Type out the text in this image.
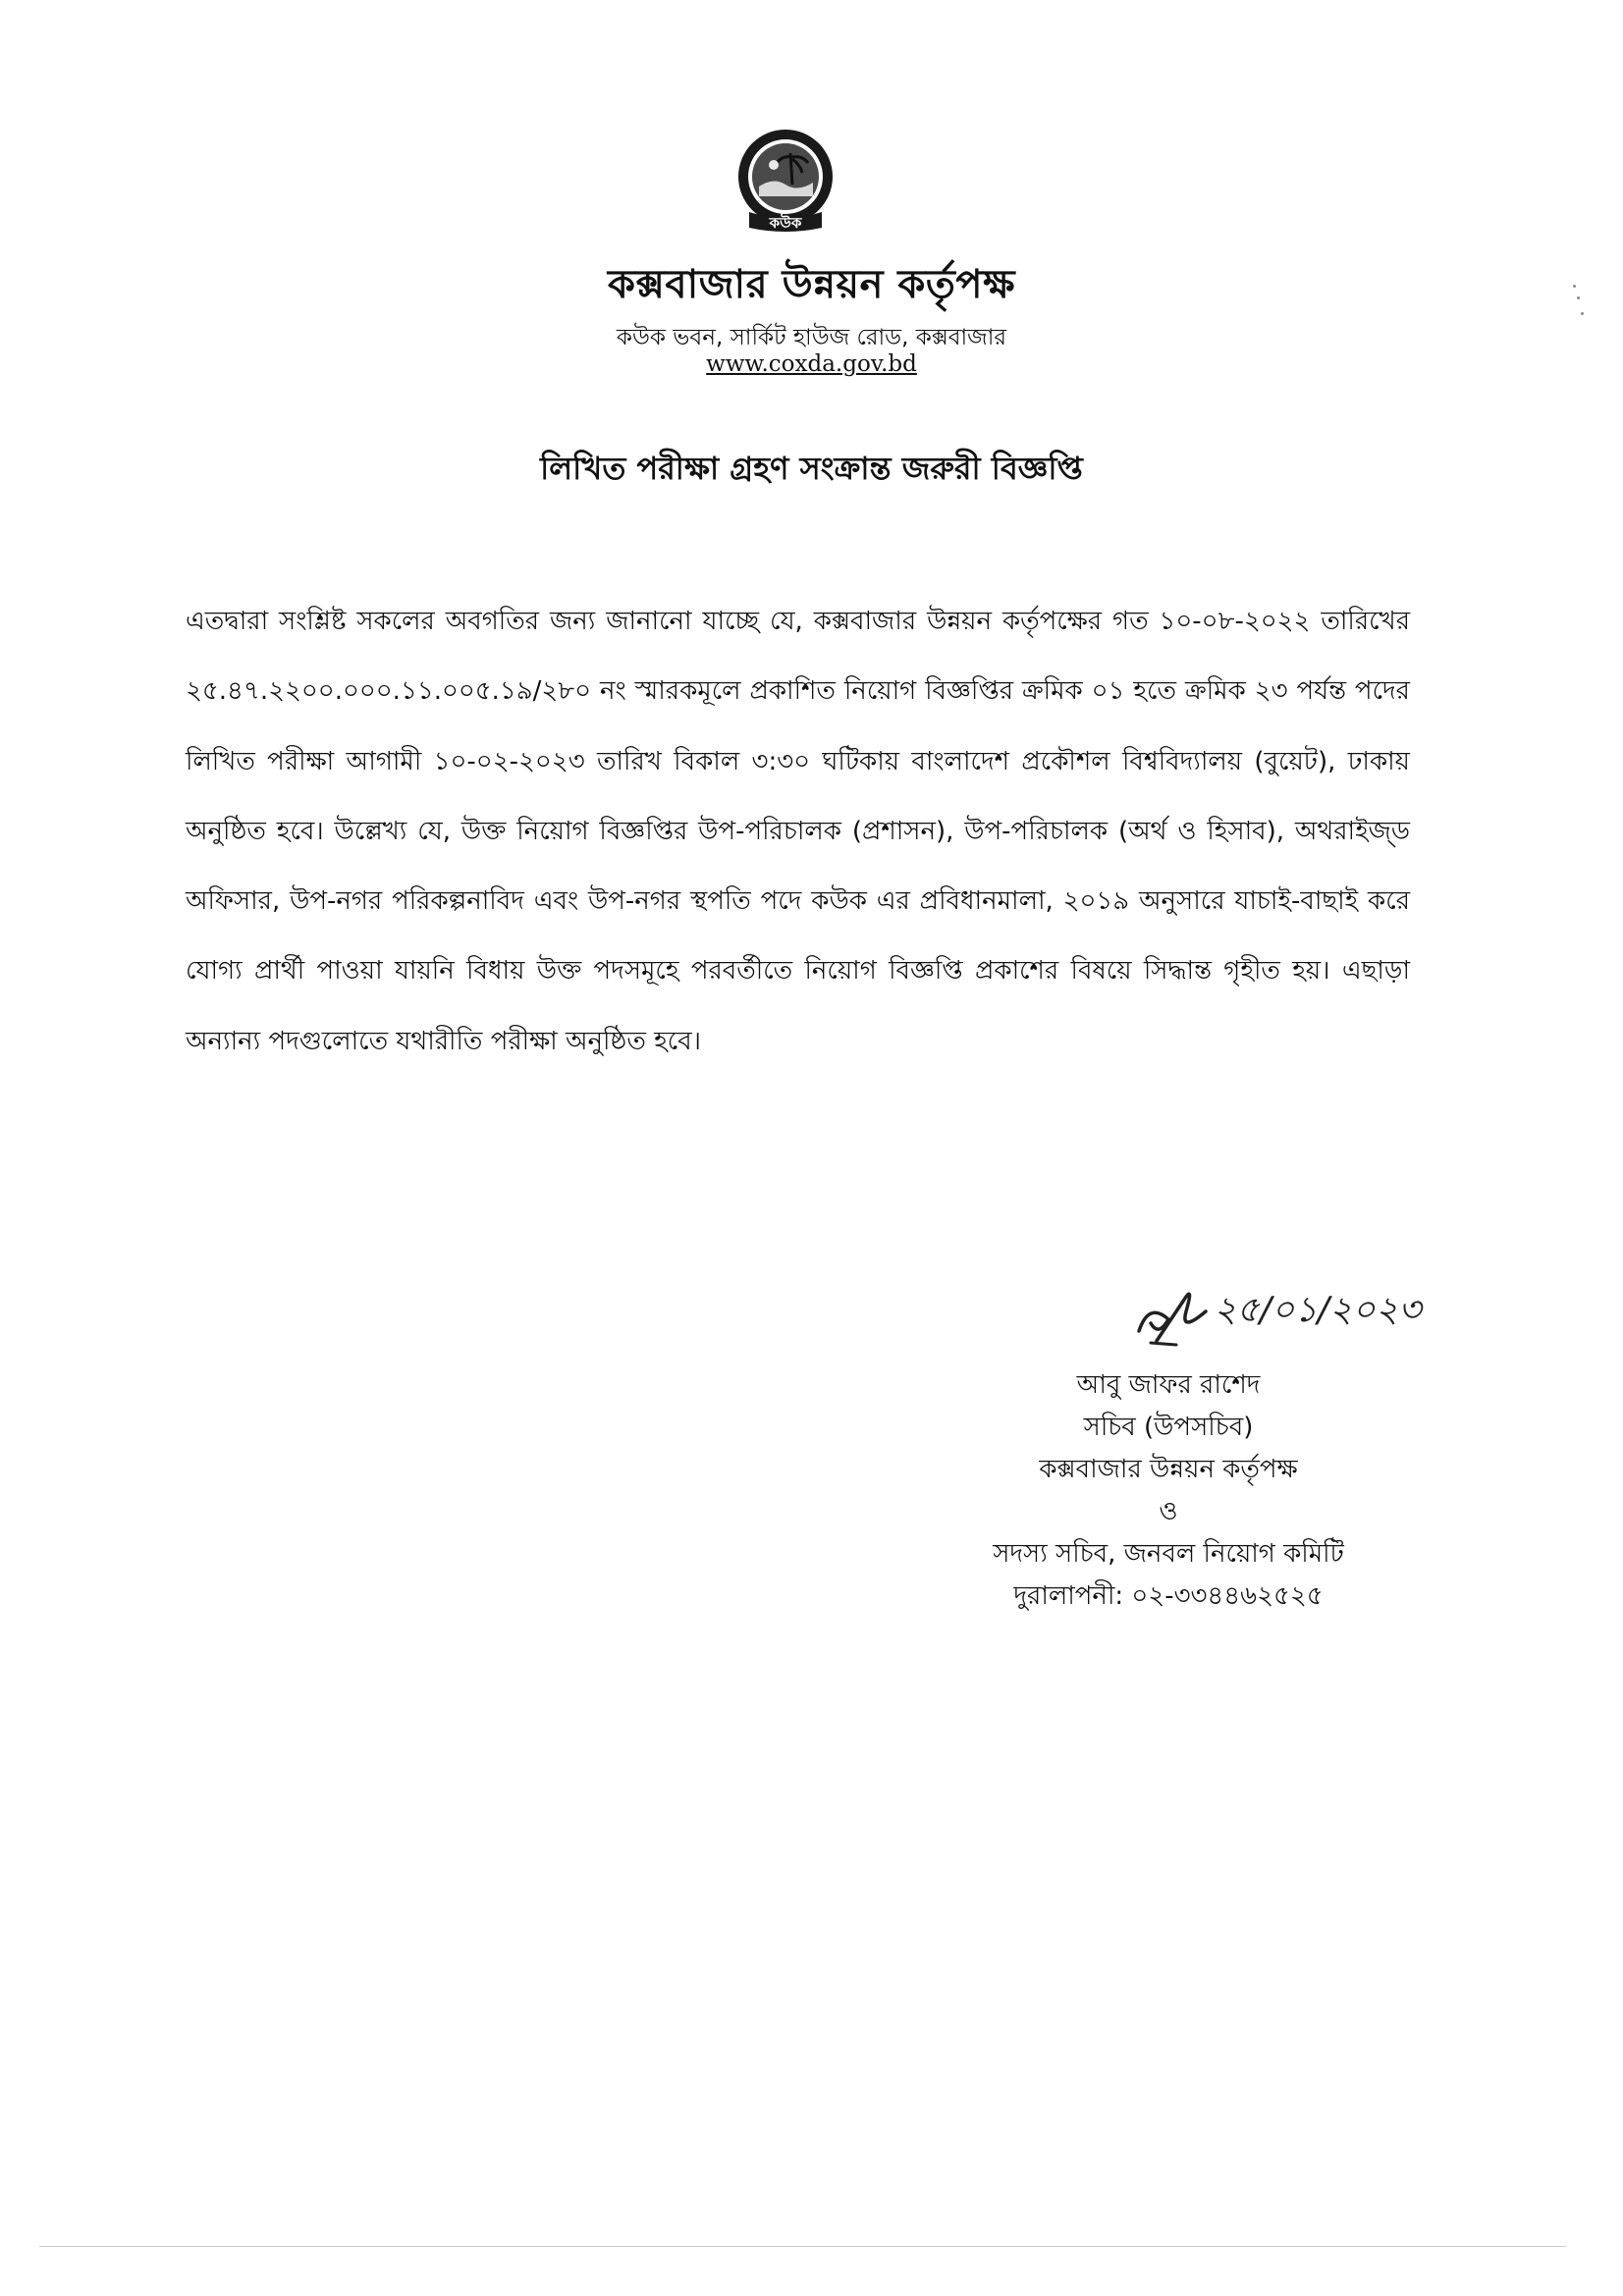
কউক
কক্সবাজার উন্নয়ন কর্তৃপক্ষ
কউক ভবন, সার্কিট হাউজ রোড, কক্সবাজার
www.coxda.gov.bd
লিখিত পরীক্ষা গ্রহণ সংক্রান্ত জরুরী বিজ্ঞপ্তি
এতদ্বারা সংশ্লিষ্ট সকলের অবগতির জন্য জানানো যাচ্ছে যে, কক্সবাজার উন্নয়ন কর্তৃপক্ষের গত ১০-০৮-২০২২ তারিখের ২৫.৪৭.২২০০.০০০.১১.০০৫.১৯/২৮০ নং স্মারকমূলে প্রকাশিত নিয়োগ বিজ্ঞপ্তির ক্রমিক ০১ হতে ক্রমিক ২৩ পর্যন্ত পদের লিখিত পরীক্ষা আগামী ১০-০২-২০২৩ তারিখ বিকাল ৩:৩০ ঘটিকায় বাংলাদেশ প্রকৌশল বিশ্ববিদ্যালয় (বুয়েট), ঢাকায় অনুষ্ঠিত হবে। উল্লেখ্য যে, উক্ত নিয়োগ বিজ্ঞপ্তির উপ-পরিচালক (প্রশাসন), উপ-পরিচালক (অর্থ ও হিসাব), অথরাইজ্ড অফিসার, উপ-নগর পরিকল্পনাবিদ এবং উপ-নগর স্থপতি পদে কউক এর প্রবিধানমালা, ২০১৯ অনুসারে যাচাই-বাছাই করে যোগ্য প্রার্থী পাওয়া যায়নি বিধায় উক্ত পদসমূহে পরবর্তীতে নিয়োগ বিজ্ঞপ্তি প্রকাশের বিষয়ে সিদ্ধান্ত গৃহীত হয়। এছাড়া অন্যান্য পদগুলোতে যথারীতি পরীক্ষা অনুষ্ঠিত হবে।
২৫/০১/২০২৩
আবু জাফর রাশেদ
সচিব (উপসচিব)
কক্সবাজার উন্নয়ন কর্তৃপক্ষ
ও
সদস্য সচিব, জনবল নিয়োগ কমিটি
দুরালাপনী: ০২-৩৩৪৪৬২৫২৫
